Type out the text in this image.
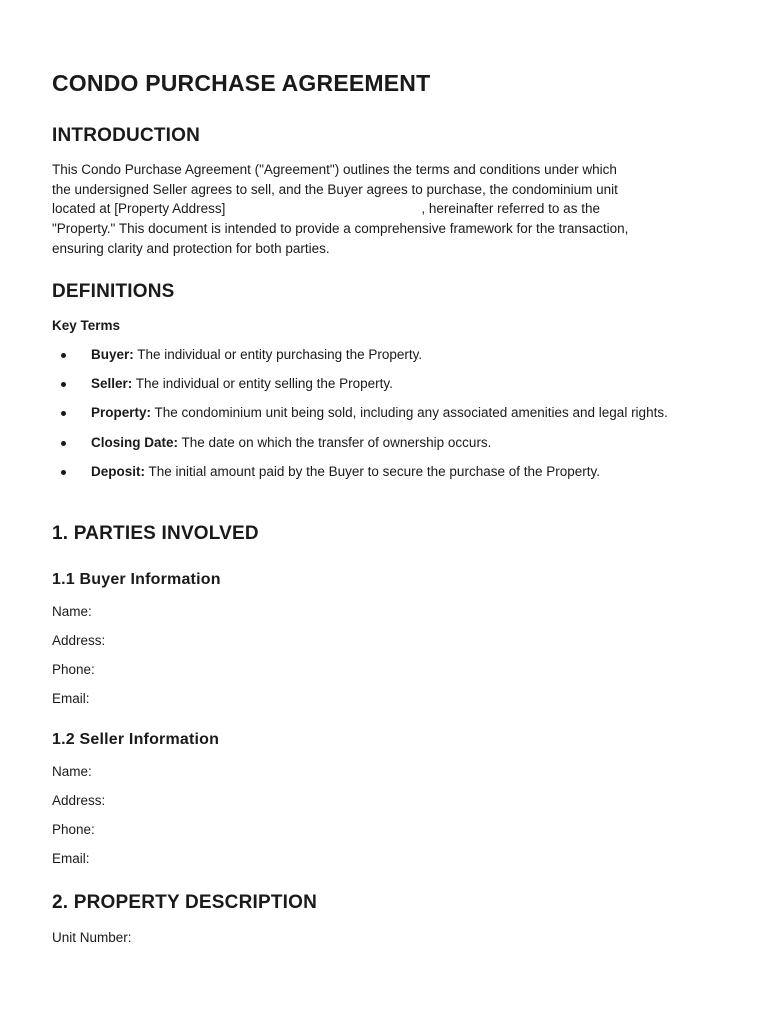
CONDO PURCHASE AGREEMENT
INTRODUCTION
This Condo Purchase Agreement ("Agreement") outlines the terms and conditions under which
the undersigned Seller agrees to sell, and the Buyer agrees to purchase, the condominium unit
located at [Property Address]	, hereinafter referred to as the
"Property." This document is intended to provide a comprehensive framework for the transaction,
ensuring clarity and protection for both parties.
DEFINITIONS
Key Terms
Buyer: The individual or entity purchasing the Property.
Seller: The individual or entity selling the Property.
Property: The condominium unit being sold, including any associated amenities and legal rights.
Closing Date: The date on which the transfer of ownership occurs.
Deposit: The initial amount paid by the Buyer to secure the purchase of the Property.
1. PARTIES INVOLVED
1.1 Buyer Information
Name:
Address:
Phone:
Email:
1.2 Seller Information
Name:
Address:
Phone:
Email:
2. PROPERTY DESCRIPTION
Unit Number:
